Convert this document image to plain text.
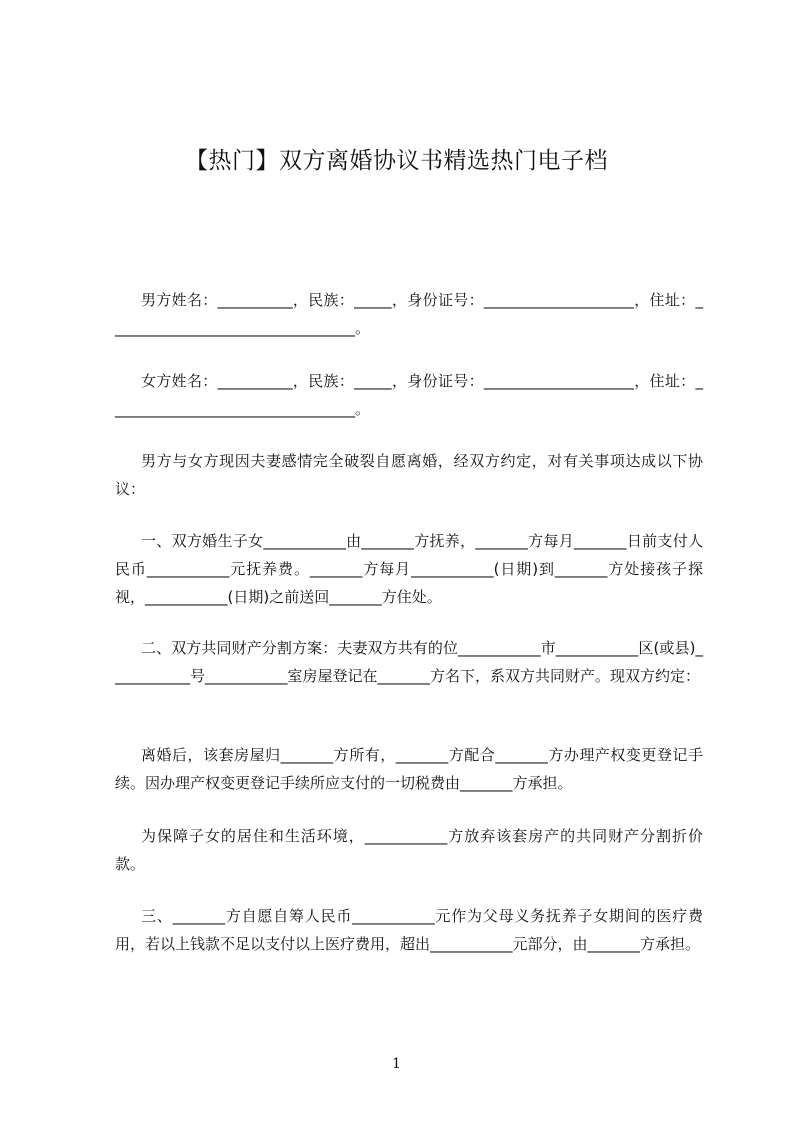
【热门】双方离婚协议书精选热门电子档
男方姓名：__________，民族：_____，身份证号：____________________，住址：_________________________________。
女方姓名：__________，民族：_____，身份证号：____________________，住址：_________________________________。
男方与女方现因夫妻感情完全破裂自愿离婚，经双方约定，对有关事项达成以下协议：
一、双方婚生子女___________由_______方抚养，_______方每月_______日前支付人民币___________元抚养费。_______方每月___________(日期)到_______方处接孩子探视，___________(日期)之前送回_______方住处。
二、双方共同财产分割方案：夫妻双方共有的位___________市___________区(或县)___________号___________室房屋登记在_______方名下，系双方共同财产。现双方约定：
离婚后，该套房屋归_______方所有，_______方配合_______方办理产权变更登记手续。因办理产权变更登记手续所应支付的一切税费由_______方承担。
为保障子女的居住和生活环境，___________方放弃该套房产的共同财产分割折价款。
三、_______方自愿自筹人民币___________元作为父母义务抚养子女期间的医疗费用，若以上钱款不足以支付以上医疗费用，超出___________元部分，由_______方承担。
1
